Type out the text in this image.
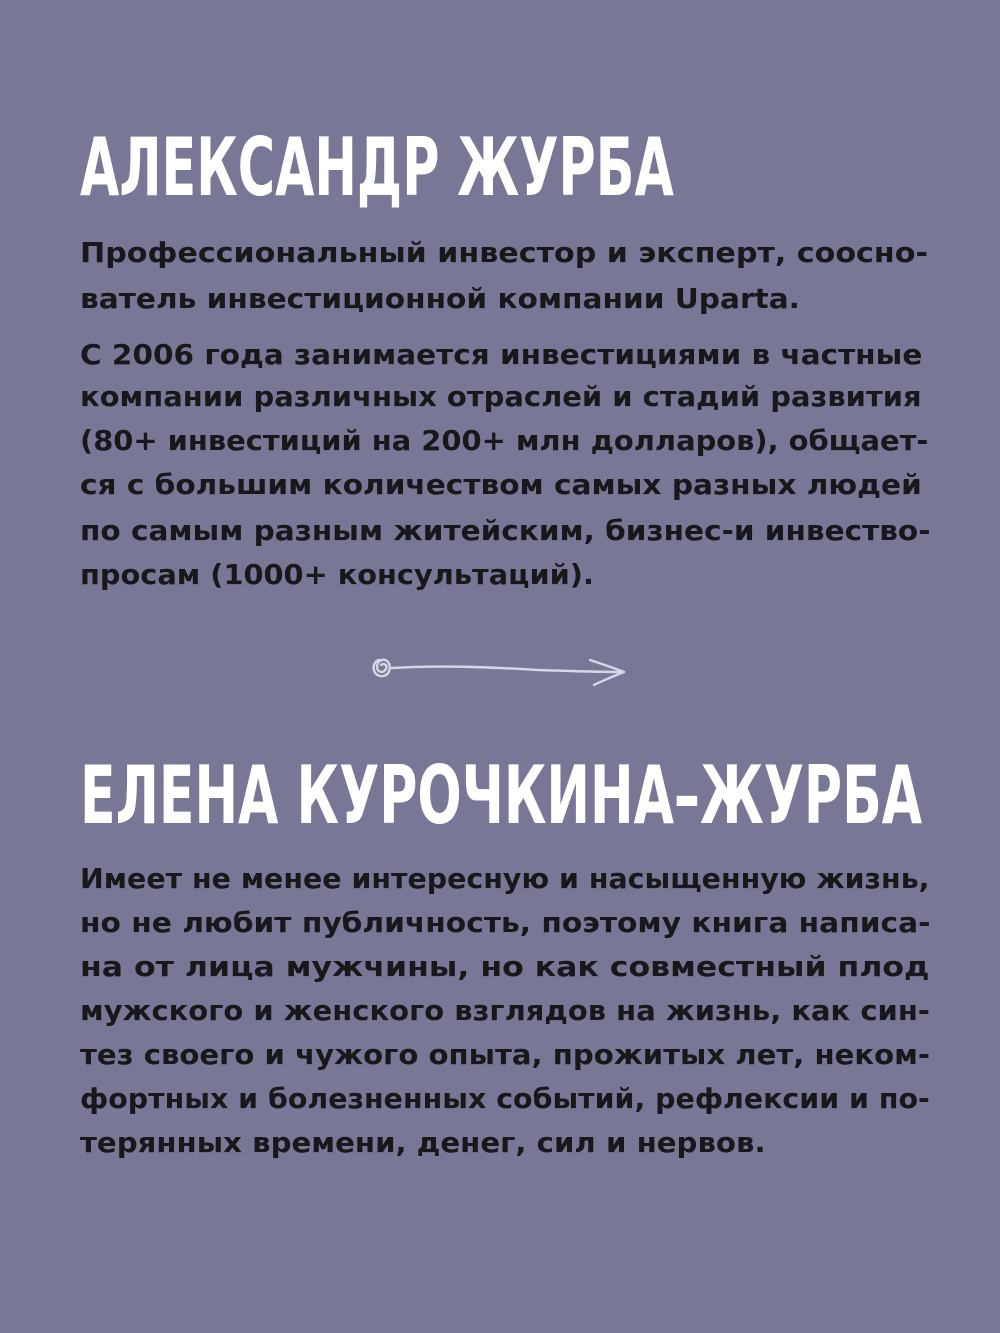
АЛЕКСАНДР ЖУРБА

Профессиональный инвестор и эксперт, соосно-

ватель инвестиционной компании Uparta.

С 2006 года занимается инвестициями в частные

компании различных отраслей и стадий развития

(80+ инвестиций на 200+ млн долларов), общает-

ся с большим количеством самых разных людей

по самым разным житейским, бизнес-и инвество-

просам (1000+ консультаций).

ЕЛЕНА КУРОЧКИНА–ЖУРБА

Имеет не менее интересную и насыщенную жизнь,

но не любит публичность, поэтому книга написа-

на от лица мужчины, но как совместный плод

мужского и женского взглядов на жизнь, как син-

тез своего и чужого опыта, прожитых лет, неком-

фортных и болезненных событий, рефлексии и по-

терянных времени, денег, сил и нервов.
